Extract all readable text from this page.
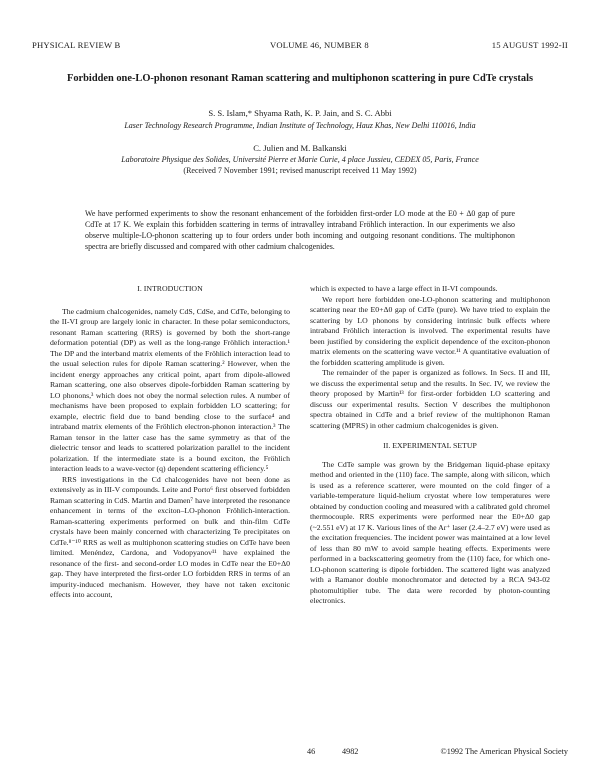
PHYSICAL REVIEW B	VOLUME 46, NUMBER 8	15 AUGUST 1992-II
Forbidden one-LO-phonon resonant Raman scattering and multiphonon scattering in pure CdTe crystals
S. S. Islam,* Shyama Rath, K. P. Jain, and S. C. Abbi
Laser Technology Research Programme, Indian Institute of Technology, Hauz Khas, New Delhi 110016, India
C. Julien and M. Balkanski
Laboratoire Physique des Solides, Université Pierre et Marie Curie, 4 place Jussieu, CEDEX 05, Paris, France
(Received 7 November 1991; revised manuscript received 11 May 1992)
We have performed experiments to show the resonant enhancement of the forbidden first-order LO mode at the E0 + Δ0 gap of pure CdTe at 17 K. We explain this forbidden scattering in terms of intravalley intraband Fröhlich interaction. In our experiments we also observe multiple-LO-phonon scattering up to four orders under both incoming and outgoing resonant conditions. The multiphonon spectra are briefly discussed and compared with other cadmium chalcogenides.

I. INTRODUCTION

The cadmium chalcogenides, namely CdS, CdSe, and CdTe, belonging to the II-VI group are largely ionic in character. In these polar semiconductors, resonant Raman scattering (RRS) is governed by both the short-range deformation potential (DP) as well as the long-range Fröhlich interaction.¹ The DP and the interband matrix elements of the Fröhlich interaction lead to the usual selection rules for dipole Raman scattering.² However, when the incident energy approaches any critical point, apart from dipole-allowed Raman scattering, one also observes dipole-forbidden Raman scattering by LO phonons,³ which does not obey the normal selection rules. A number of mechanisms have been proposed to explain forbidden LO scattering; for example, electric field due to band bending close to the surface⁴ and intraband matrix elements of the Fröhlich electron-phonon interaction.³ The Raman tensor in the latter case has the same symmetry as that of the dielectric tensor and leads to scattered polarization parallel to the incident polarization. If the intermediate state is a bound exciton, the Fröhlich interaction leads to a wave-vector (q) dependent scattering efficiency.⁵

RRS investigations in the Cd chalcogenides have not been done as extensively as in III-V compounds. Leite and Porto⁶ first observed forbidden Raman scattering in CdS. Martin and Damen⁷ have interpreted the resonance enhancement in terms of the exciton–LO-phonon Fröhlich-interaction. Raman-scattering experiments performed on bulk and thin-film CdTe crystals have been mainly concerned with characterizing Te precipitates on CdTe.⁸⁻¹⁰ RRS as well as multiphonon scattering studies on CdTe have been limited. Menéndez, Cardona, and Vodopyanov¹¹ have explained the resonance of the first- and second-order LO modes in CdTe near the E0+Δ0 gap. They have interpreted the first-order LO forbidden RRS in terms of an impurity-induced mechanism. However, they have not taken excitonic effects into account,

which is expected to have a large effect in II-VI compounds.

We report here forbidden one-LO-phonon scattering and multiphonon scattering near the E0+Δ0 gap of CdTe (pure). We have tried to explain the scattering by LO phonons by considering intrinsic bulk effects where intraband Fröhlich interaction is involved. The experimental results have been justified by considering the explicit dependence of the exciton-phonon matrix elements on the scattering wave vector.¹¹ A quantitative evaluation of the forbidden scattering amplitude is given.

The remainder of the paper is organized as follows. In Secs. II and III, we discuss the experimental setup and the results. In Sec. IV, we review the theory proposed by Martin¹³ for first-order forbidden LO scattering and discuss our experimental results. Section V describes the multiphonon spectra obtained in CdTe and a brief review of the multiphonon Raman scattering (MPRS) in other cadmium chalcogenides is given.

II. EXPERIMENTAL SETUP

The CdTe sample was grown by the Bridgeman liquid-phase epitaxy method and oriented in the (110) face. The sample, along with silicon, which is used as a reference scatterer, were mounted on the cold finger of a variable-temperature liquid-helium cryostat where low temperatures were obtained by conduction cooling and measured with a calibrated gold chromel thermocouple. RRS experiments were performed near the E0+Δ0 gap (~2.551 eV) at 17 K. Various lines of the Ar⁺ laser (2.4–2.7 eV) were used as the excitation frequencies. The incident power was maintained at a low level of less than 80 mW to avoid sample heating effects. Experiments were performed in a backscattering geometry from the (110) face, for which one-LO-phonon scattering is dipole forbidden. The scattered light was analyzed with a Ramanor double monochromator and detected by a RCA 943-02 photomultiplier tube. The data were recorded by photon-counting electronics.

46	4982	©1992 The American Physical Society
